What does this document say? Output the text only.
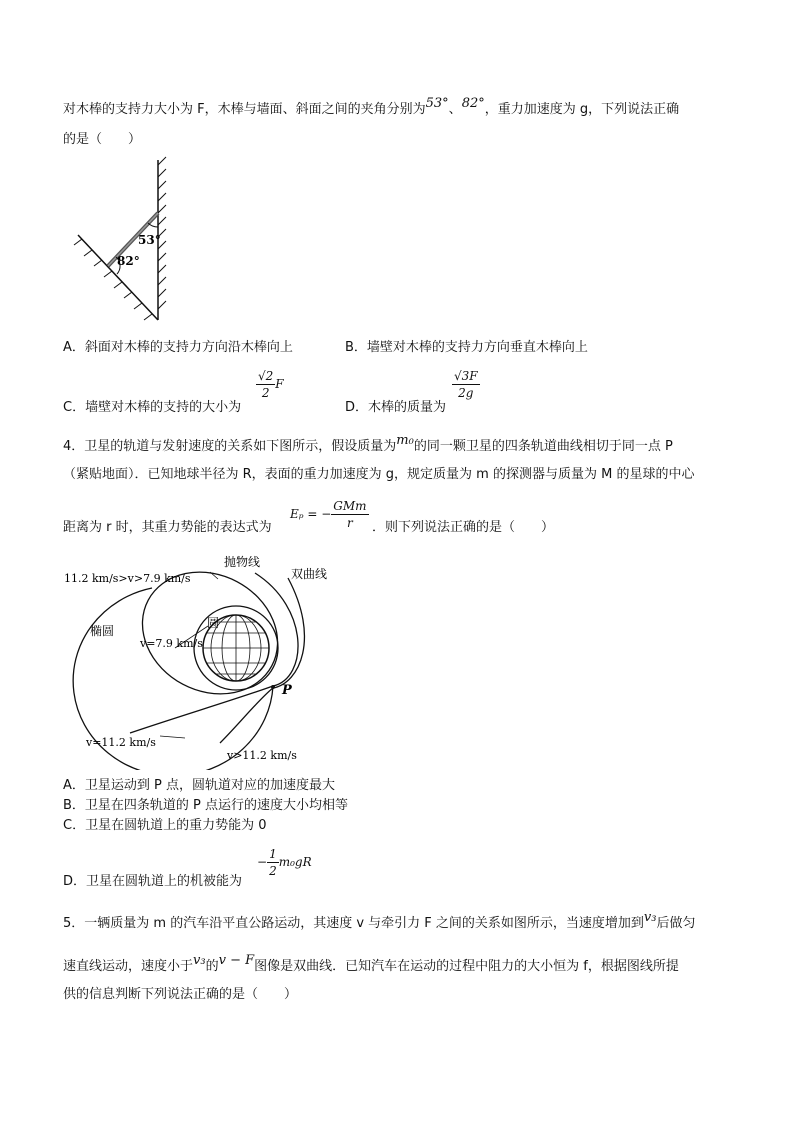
对木棒的支持力大小为 F，木棒与墙面、斜面之间的夹角分别为53°、82°，重力加速度为 g，下列说法正确
的是（　　）
53°
82°
A．斜面对木棒的支持力方向沿木棒向上	B．墙壁对木棒的支持力方向垂直木棒向上
C．墙壁对木棒的支持的大小为
$\frac{√2}{2}$ F
D．木棒的质量为
$\frac{√3F}{2g}$
4．卫星的轨道与发射速度的关系如下图所示，假设质量为m₀的同一颗卫星的四条轨道曲线相切于同一点 P
（紧贴地面）．已知地球半径为 R，表面的重力加速度为 g，规定质量为 m 的探测器与质量为 M 的星球的中心
距离为 r 时，其重力势能的表达式为
Eₚ = − $\frac{\text{GMm}}{r}$ ．则下列说法正确的是（　　）
11.2 km/s>v>7.9 km/s
抛物线
双曲线
椭圆
圆
v=7.9 km/s
P
v=11.2 km/s
v>11.2 km/s
A．卫星运动到 P 点，圆轨道对应的加速度最大
B．卫星在四条轨道的 P 点运行的速度大小均相等
C．卫星在圆轨道上的重力势能为 0
D．卫星在圆轨道上的机被能为
− $\frac{1}{2} m_0gR$
5．一辆质量为 m 的汽车沿平直公路运动，其速度 v 与牵引力 F 之间的关系如图所示，当速度增加到v₃后做匀
速直线运动，速度小于v₃的v − F图像是双曲线．已知汽车在运动的过程中阻力的大小恒为 f，根据图线所提
供的信息判断下列说法正确的是（　　）
